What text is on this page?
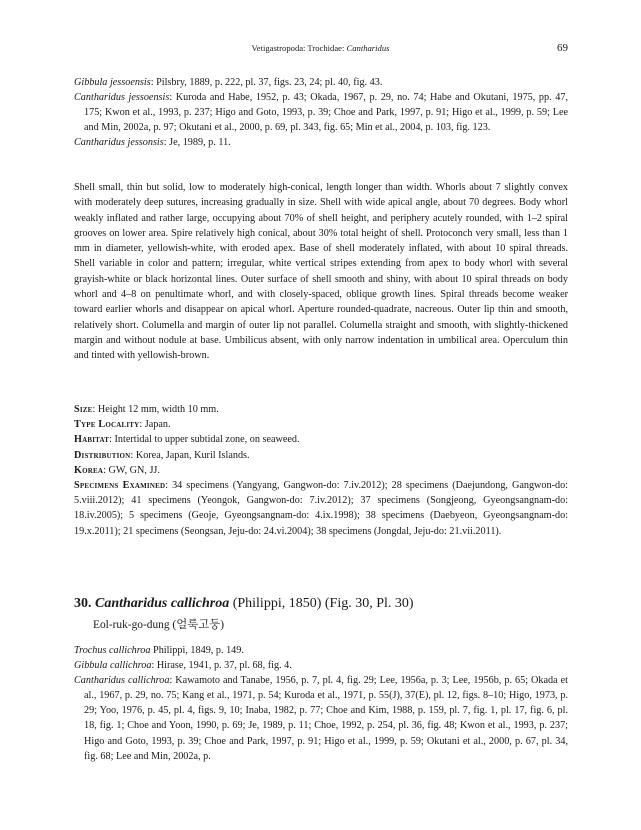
Vetigastropoda: Trochidae: Cantharidus	69

Gibbula jessoensis: Pilsbry, 1889, p. 222, pl. 37, figs. 23, 24; pl. 40, fig. 43.

Cantharidus jessoensis: Kuroda and Habe, 1952, p. 43; Okada, 1967, p. 29, no. 74; Habe and Okutani, 1975, pp. 47, 175; Kwon et al., 1993, p. 237; Higo and Goto, 1993, p. 39; Choe and Park, 1997, p. 91; Higo et al., 1999, p. 59; Lee and Min, 2002a, p. 97; Okutani et al., 2000, p. 69, pl. 343, fig. 65; Min et al., 2004, p. 103, fig. 123.

Cantharidus jessonsis: Je, 1989, p. 11.

Shell small, thin but solid, low to moderately high-conical, length longer than width. Whorls about 7 slightly convex with moderately deep sutures, increasing gradually in size. Shell with wide apical angle, about 70 degrees. Body whorl weakly inflated and rather large, occupying about 70% of shell height, and periphery acutely rounded, with 1–2 spiral grooves on lower area. Spire relatively high conical, about 30% total height of shell. Protoconch very small, less than 1 mm in diameter, yellowish-white, with eroded apex. Base of shell moderately inflated, with about 10 spiral threads. Shell variable in color and pattern; irregular, white vertical stripes extending from apex to body whorl with several grayish-white or black horizontal lines. Outer surface of shell smooth and shiny, with about 10 spiral threads on body whorl and 4–8 on penultimate whorl, and with closely-spaced, oblique growth lines. Spiral threads become weaker toward earlier whorls and disappear on apical whorl. Aperture rounded-quadrate, nacreous. Outer lip thin and smooth, relatively short. Columella and margin of outer lip not parallel. Columella straight and smooth, with slightly-thickened margin and without nodule at base. Umbilicus absent, with only narrow indentation in umbilical area. Operculum thin and tinted with yellowish-brown.

Size: Height 12 mm, width 10 mm.

Type Locality: Japan.

Habitat: Intertidal to upper subtidal zone, on seaweed.

Distribution: Korea, Japan, Kuril Islands.

Korea: GW, GN, JJ.

Specimens Examined: 34 specimens (Yangyang, Gangwon-do: 7.iv.2012); 28 specimens (Daejundong, Gangwon-do: 5.viii.2012); 41 specimens (Yeongok, Gangwon-do: 7.iv.2012); 37 specimens (Songjeong, Gyeongsangnam-do: 18.iv.2005); 5 specimens (Geoje, Gyeongsangnam-do: 4.ix.1998); 38 specimens (Daebyeon, Gyeongsangnam-do: 19.x.2011); 21 specimens (Seongsan, Jeju-do: 24.vi.2004); 38 specimens (Jongdal, Jeju-do: 21.vii.2011).

30. Cantharidus callichroa (Philippi, 1850) (Fig. 30, Pl. 30)
Eol-ruk-go-dung (얼룩고둥)

Trochus callichroa Philippi, 1849, p. 149.

Gibbula callichroa: Hirase, 1941, p. 37, pl. 68, fig. 4.

Cantharidus callichroa: Kawamoto and Tanabe, 1956, p. 7, pl. 4, fig. 29; Lee, 1956a, p. 3; Lee, 1956b, p. 65; Okada et al., 1967, p. 29, no. 75; Kang et al., 1971, p. 54; Kuroda et al., 1971, p. 55(J), 37(E), pl. 12, figs. 8–10; Higo, 1973, p. 29; Yoo, 1976, p. 45, pl. 4, figs. 9, 10; Inaba, 1982, p. 77; Choe and Kim, 1988, p. 159, pl. 7, fig. 1, pl. 17, fig. 6, pl. 18, fig. 1; Choe and Yoon, 1990, p. 69; Je, 1989, p. 11; Choe, 1992, p. 254, pl. 36, fig. 48; Kwon et al., 1993, p. 237; Higo and Goto, 1993, p. 39; Choe and Park, 1997, p. 91; Higo et al., 1999, p. 59; Okutani et al., 2000, p. 67, pl. 34, fig. 68; Lee and Min, 2002a, p.
